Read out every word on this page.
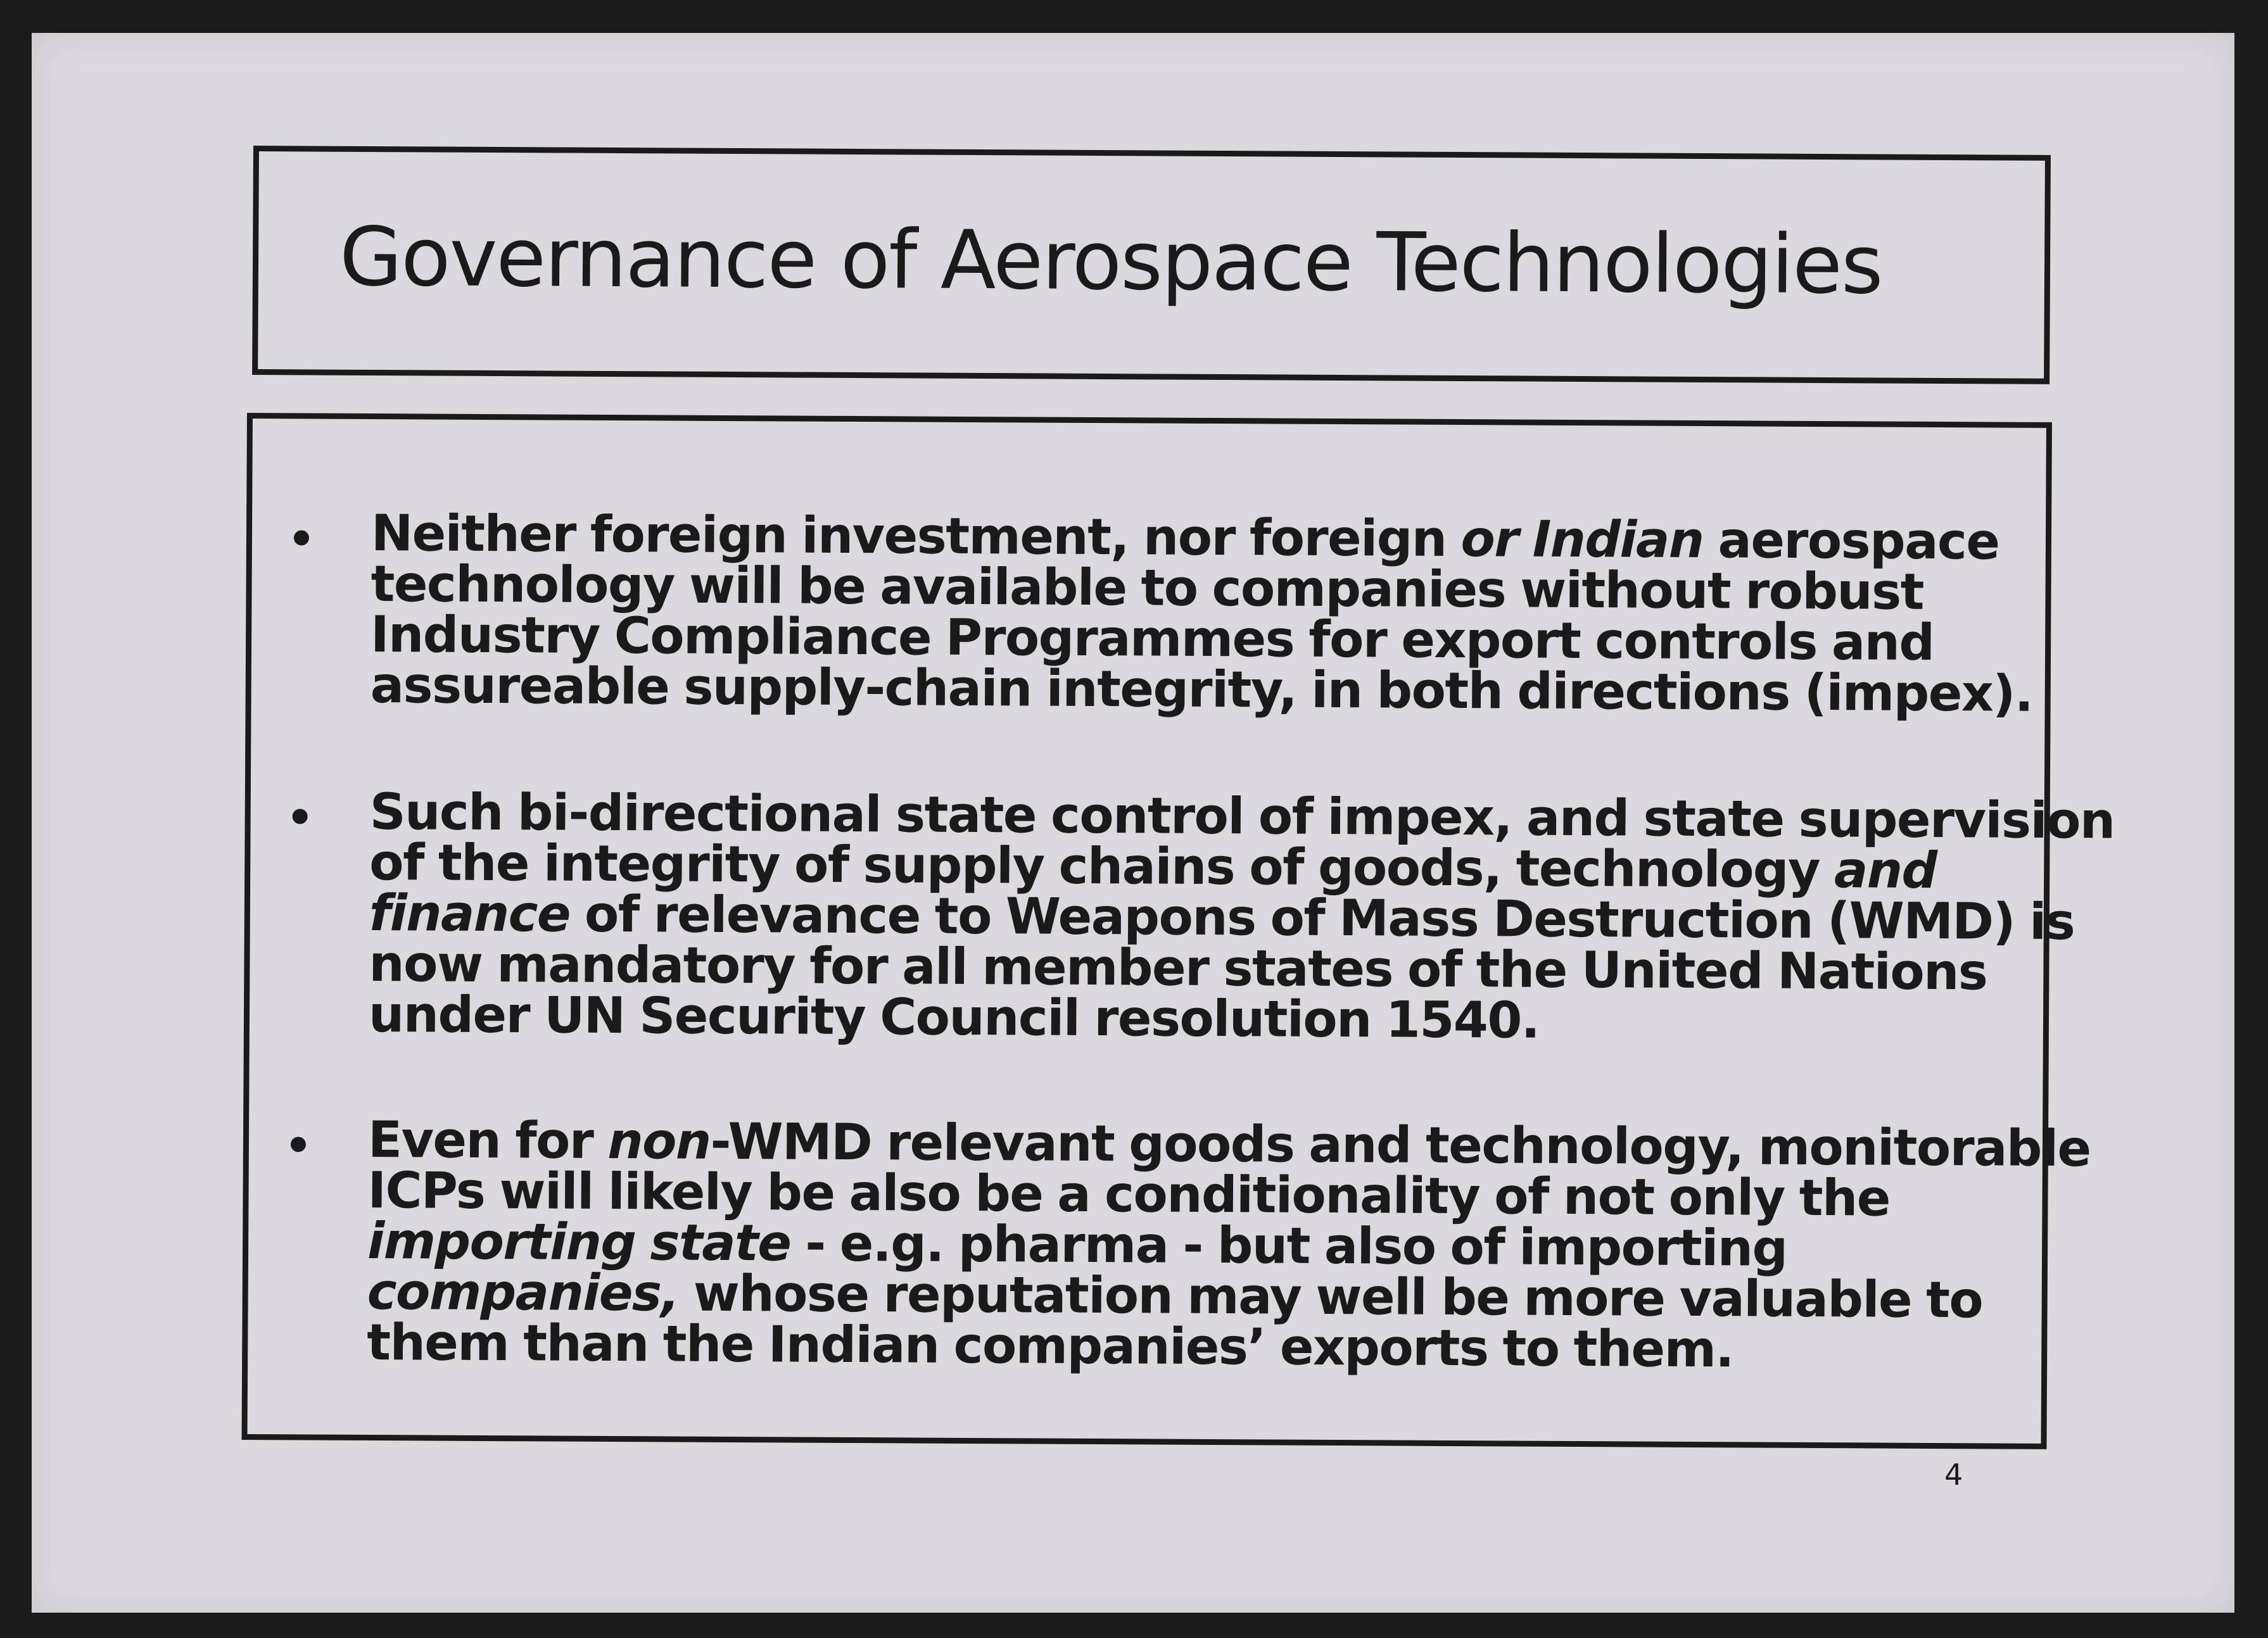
Governance of Aerospace Technologies
Neither foreign investment, nor foreign or Indian aerospace
technology will be available to companies without robust
Industry Compliance Programmes for export controls and
assureable supply-chain integrity, in both directions (impex).
Such bi-directional state control of impex, and state supervision
of the integrity of supply chains of goods, technology and
finance of relevance to Weapons of Mass Destruction (WMD) is
now mandatory for all member states of the United Nations
under UN Security Council resolution 1540.
Even for non-WMD relevant goods and technology, monitorable
ICPs will likely be also be a conditionality of not only the
importing state - e.g. pharma - but also of importing
companies, whose reputation may well be more valuable to
them than the Indian companies’ exports to them.
4
